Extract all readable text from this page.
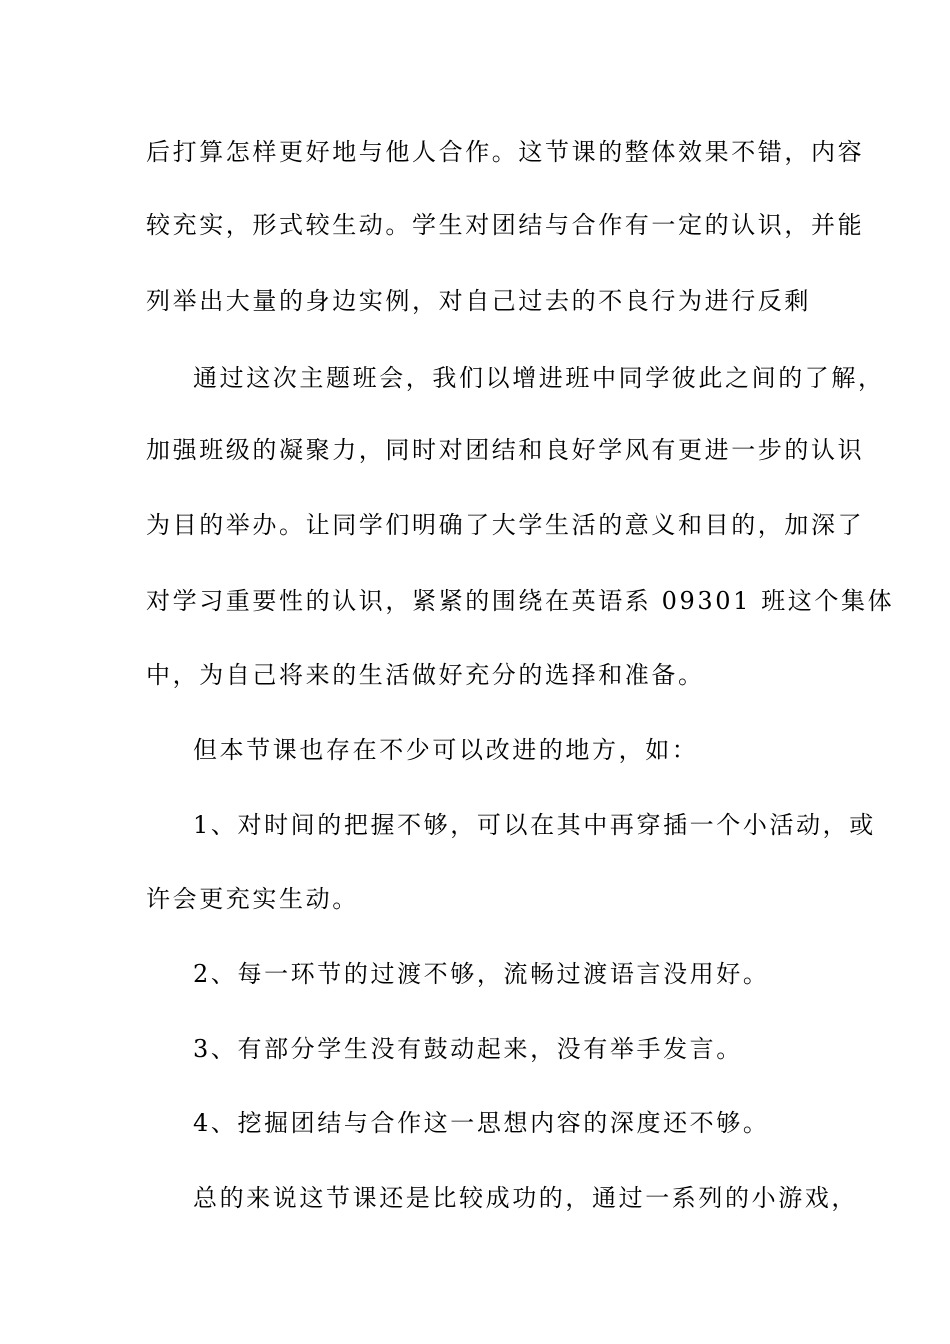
后打算怎样更好地与他人合作。这节课的整体效果不错，内容
较充实，形式较生动。学生对团结与合作有一定的认识，并能
列举出大量的身边实例，对自己过去的不良行为进行反剩
通过这次主题班会，我们以增进班中同学彼此之间的了解，
加强班级的凝聚力，同时对团结和良好学风有更进一步的认识
为目的举办。让同学们明确了大学生活的意义和目的，加深了
对学习重要性的认识，紧紧的围绕在英语系 09301 班这个集体
中，为自己将来的生活做好充分的选择和准备。
但本节课也存在不少可以改进的地方，如：
1、对时间的把握不够，可以在其中再穿插一个小活动，或
许会更充实生动。
2、每一环节的过渡不够，流畅过渡语言没用好。
3、有部分学生没有鼓动起来，没有举手发言。
4、挖掘团结与合作这一思想内容的深度还不够。
总的来说这节课还是比较成功的，通过一系列的小游戏，
